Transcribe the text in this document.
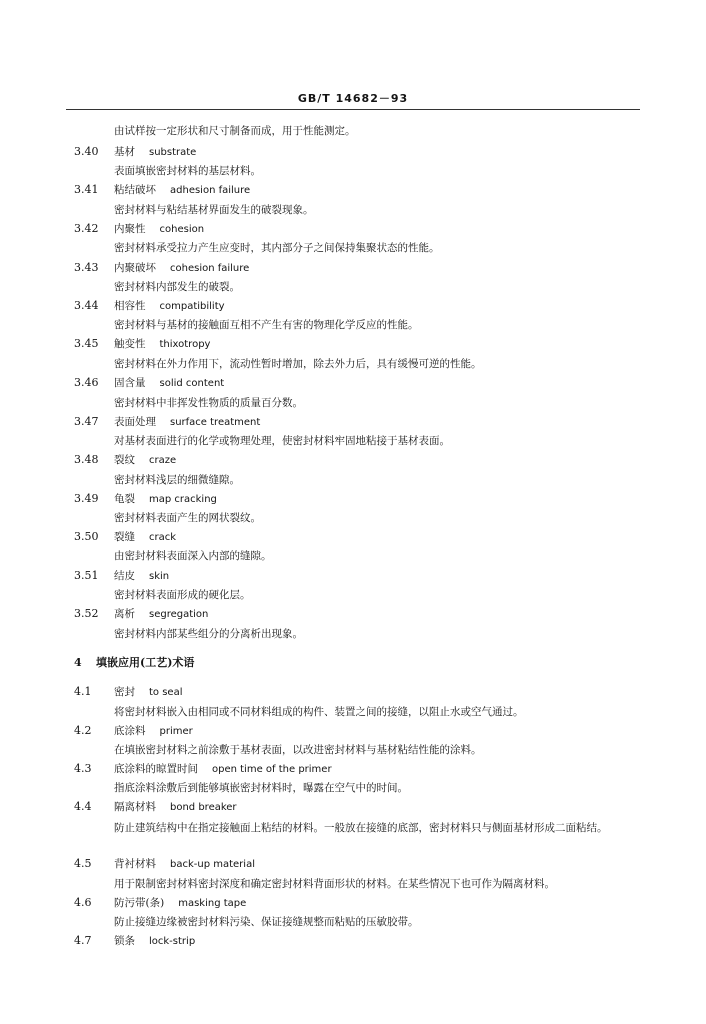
GB/T 14682－93
由试样按一定形状和尺寸制备而成，用于性能测定。
3.40 基材 substrate
表面填嵌密封材料的基层材料。
3.41 粘结破坏 adhesion failure
密封材料与粘结基材界面发生的破裂现象。
3.42 内聚性 cohesion
密封材料承受拉力产生应变时，其内部分子之间保持集聚状态的性能。
3.43 内聚破坏 cohesion failure
密封材料内部发生的破裂。
3.44 相容性 compatibility
密封材料与基材的接触面互相不产生有害的物理化学反应的性能。
3.45 触变性 thixotropy
密封材料在外力作用下，流动性暂时增加，除去外力后，具有缓慢可逆的性能。
3.46 固含量 solid content
密封材料中非挥发性物质的质量百分数。
3.47 表面处理 surface treatment
对基材表面进行的化学或物理处理，使密封材料牢固地粘接于基材表面。
3.48 裂纹 craze
密封材料浅层的细微缝隙。
3.49 龟裂 map cracking
密封材料表面产生的网状裂纹。
3.50 裂缝 crack
由密封材料表面深入内部的缝隙。
3.51 结皮 skin
密封材料表面形成的硬化层。
3.52 离析 segregation
密封材料内部某些组分的分离析出现象。
4 填嵌应用(工艺)术语
4.1 密封 to seal
将密封材料嵌入由相同或不同材料组成的构件、装置之间的接缝，以阻止水或空气通过。
4.2 底涂料 primer
在填嵌密封材料之前涂敷于基材表面，以改进密封材料与基材粘结性能的涂料。
4.3 底涂料的晾置时间 open time of the primer
指底涂料涂敷后到能够填嵌密封材料时，曝露在空气中的时间。
4.4 隔离材料 bond breaker
防止建筑结构中在指定接触面上粘结的材料。一般放在接缝的底部，密封材料只与侧面基材形成二面粘结。
4.5 背衬材料 back-up material
用于限制密封材料密封深度和确定密封材料背面形状的材料。在某些情况下也可作为隔离材料。
4.6 防污带(条) masking tape
防止接缝边缘被密封材料污染、保证接缝规整而粘贴的压敏胶带。
4.7 锁条 lock-strip
